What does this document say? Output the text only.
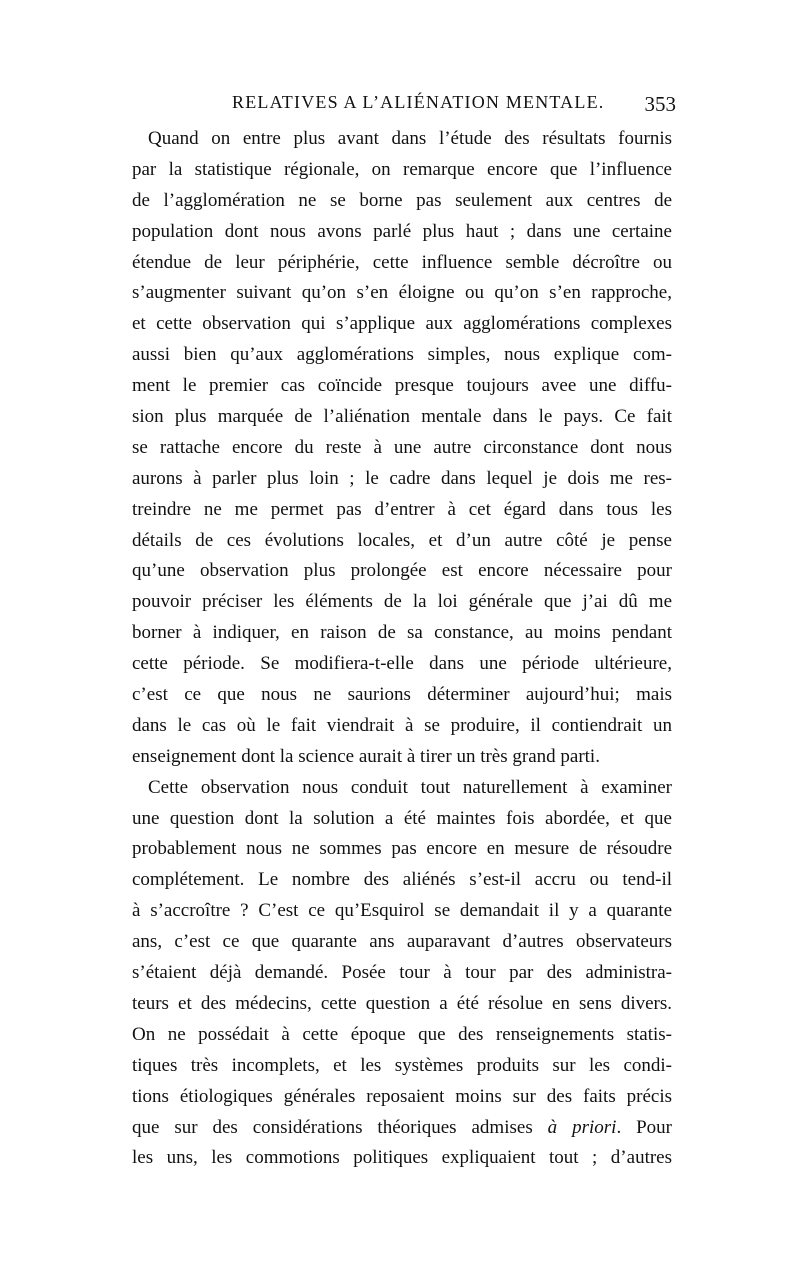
RELATIVES A L’ALIÉNATION MENTALE. 353
Quand on entre plus avant dans l’étude des résultats fournis
par la statistique régionale, on remarque encore que l’influence
de l’agglomération ne se borne pas seulement aux centres de
population dont nous avons parlé plus haut ; dans une certaine
étendue de leur périphérie, cette influence semble décroître ou
s’augmenter suivant qu’on s’en éloigne ou qu’on s’en rapproche,
et cette observation qui s’applique aux agglomérations complexes
aussi bien qu’aux agglomérations simples, nous explique com-
ment le premier cas coïncide presque toujours avee une diffu-
sion plus marquée de l’aliénation mentale dans le pays. Ce fait
se rattache encore du reste à une autre circonstance dont nous
aurons à parler plus loin ; le cadre dans lequel je dois me res-
treindre ne me permet pas d’entrer à cet égard dans tous les
détails de ces évolutions locales, et d’un autre côté je pense
qu’une observation plus prolongée est encore nécessaire pour
pouvoir préciser les éléments de la loi générale que j’ai dû me
borner à indiquer, en raison de sa constance, au moins pendant
cette période. Se modifiera-t-elle dans une période ultérieure,
c’est ce que nous ne saurions déterminer aujourd’hui; mais
dans le cas où le fait viendrait à se produire, il contiendrait un
enseignement dont la science aurait à tirer un très grand parti.
Cette observation nous conduit tout naturellement à examiner
une question dont la solution a été maintes fois abordée, et que
probablement nous ne sommes pas encore en mesure de résoudre
complétement. Le nombre des aliénés s’est-il accru ou tend-il
à s’accroître ? C’est ce qu’Esquirol se demandait il y a quarante
ans, c’est ce que quarante ans auparavant d’autres observateurs
s’étaient déjà demandé. Posée tour à tour par des administra-
teurs et des médecins, cette question a été résolue en sens divers.
On ne possédait à cette époque que des renseignements statis-
tiques très incomplets, et les systèmes produits sur les condi-
tions étiologiques générales reposaient moins sur des faits précis
que sur des considérations théoriques admises à priori. Pour
les uns, les commotions politiques expliquaient tout ; d’autres
